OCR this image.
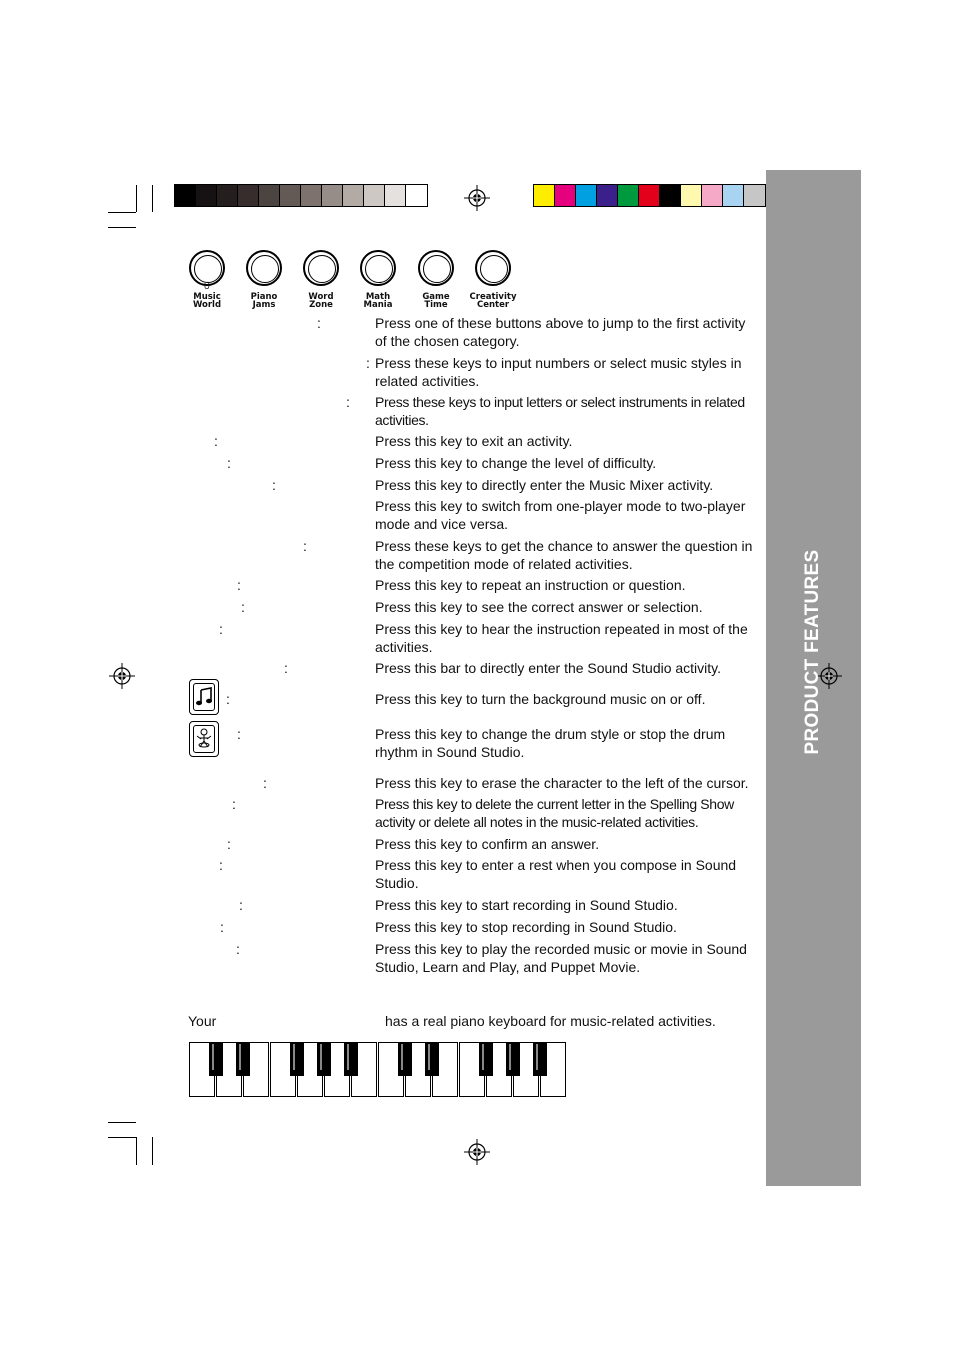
PRODUCT FEATURES
Ŭ
Music
World
Piano
Jams
Word
Zone
Math
Mania
Game
Time
Creativity
Center
Press one of these buttons above to jump to the first activity of the chosen category.
:
Press these keys to input numbers or select music styles in related activities.
:
Press these keys to input letters or select instruments in related activities.
:
Press this key to exit an activity.
:
Press this key to change the level of difficulty.
:
Press this key to directly enter the Music Mixer activity.
:
Press this key to switch from one-player mode to two-player mode and vice versa.
Press these keys to get the chance to answer the question in the competition mode of related activities.
:
Press this key to repeat an instruction or question.
:
Press this key to see the correct answer or selection.
:
Press this key to hear the instruction repeated in most of the activities.
:
Press this bar to directly enter the Sound Studio activity.
:
Press this key to turn the background music on or off.
:
Press this key to change the drum style or stop the drum rhythm in Sound Studio.
:
Press this key to erase the character to the left of the cursor.
:
Press this key to delete the current letter in the Spelling Show activity or delete all notes in the music-related activities.
:
Press this key to confirm an answer.
:
Press this key to enter a rest when you compose in Sound Studio.
:
Press this key to start recording in Sound Studio.
:
Press this key to stop recording in Sound Studio.
:
Press this key to play the recorded music or movie in Sound Studio, Learn and Play, and Puppet Movie.
:
Your	has a real piano keyboard for music-related activities.
